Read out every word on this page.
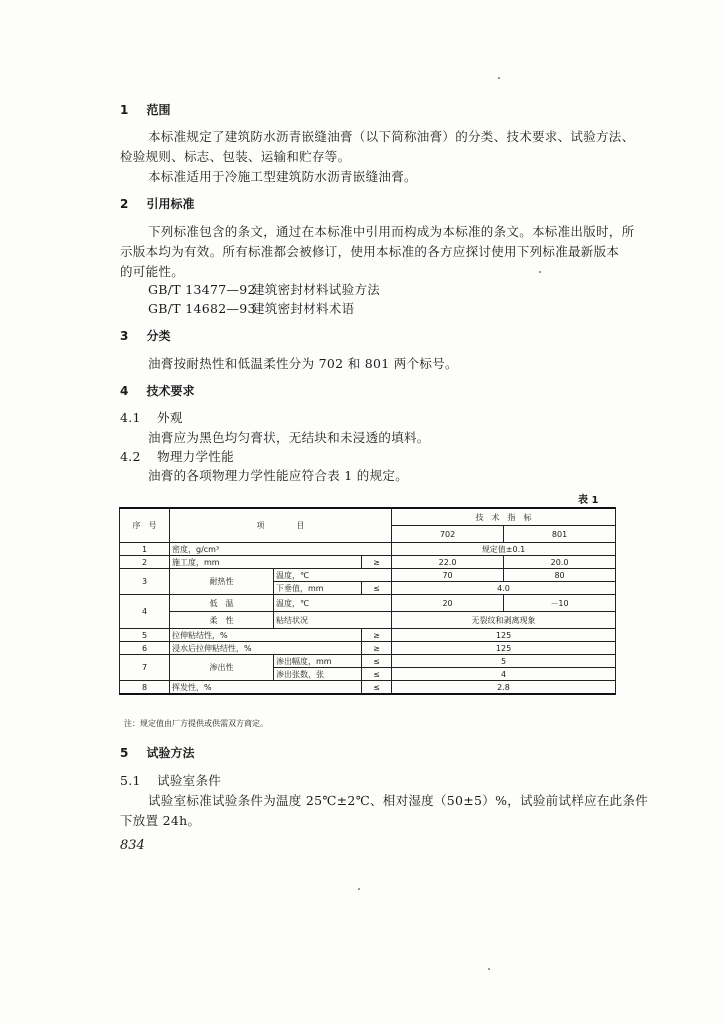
1 范围
本标准规定了建筑防水沥青嵌缝油膏（以下简称油膏）的分类、技术要求、试验方法、
检验规则、标志、包装、运输和贮存等。
本标准适用于冷施工型建筑防水沥青嵌缝油膏。
2 引用标准
下列标准包含的条文，通过在本标准中引用而构成为本标准的条文。本标准出版时，所
示版本均为有效。所有标准都会被修订，使用本标准的各方应探讨使用下列标准最新版本
的可能性。
GB/T 13477—92建筑密封材料试验方法
GB/T 14682—93建筑密封材料术语
3 分类
油膏按耐热性和低温柔性分为 702 和 801 两个标号。
4 技术要求
4.1 外观
油膏应为黑色均匀膏状，无结块和未浸透的填料。
4.2 物理力学性能
油膏的各项物理力学性能应符合表 1 的规定。
表 1
序　号	项　　　　目			技　术　指　标	
				702	801
1	密度，g/cm³			规定值±0.1	
2	施工度，mm		≥	22.0	20.0
3	耐热性	温度，℃		70	80
		下垂值，mm	≤	4.0	
4	低　温	温度，℃		20	－10
	柔　性	粘结状况		无裂纹和剥离现象	
5	拉伸粘结性，%		≥	125	
6	浸水后拉伸粘结性，%		≥	125	
7	渗出性	渗出幅度，mm	≤	5	
		渗出张数，张	≤	4	
8	挥发性，%		≤	2.8	
注：规定值由厂方提供或供需双方商定。
5 试验方法
5.1 试验室条件
试验室标准试验条件为温度 25℃±2℃、相对湿度（50±5）%，试验前试样应在此条件
下放置 24h。
834
